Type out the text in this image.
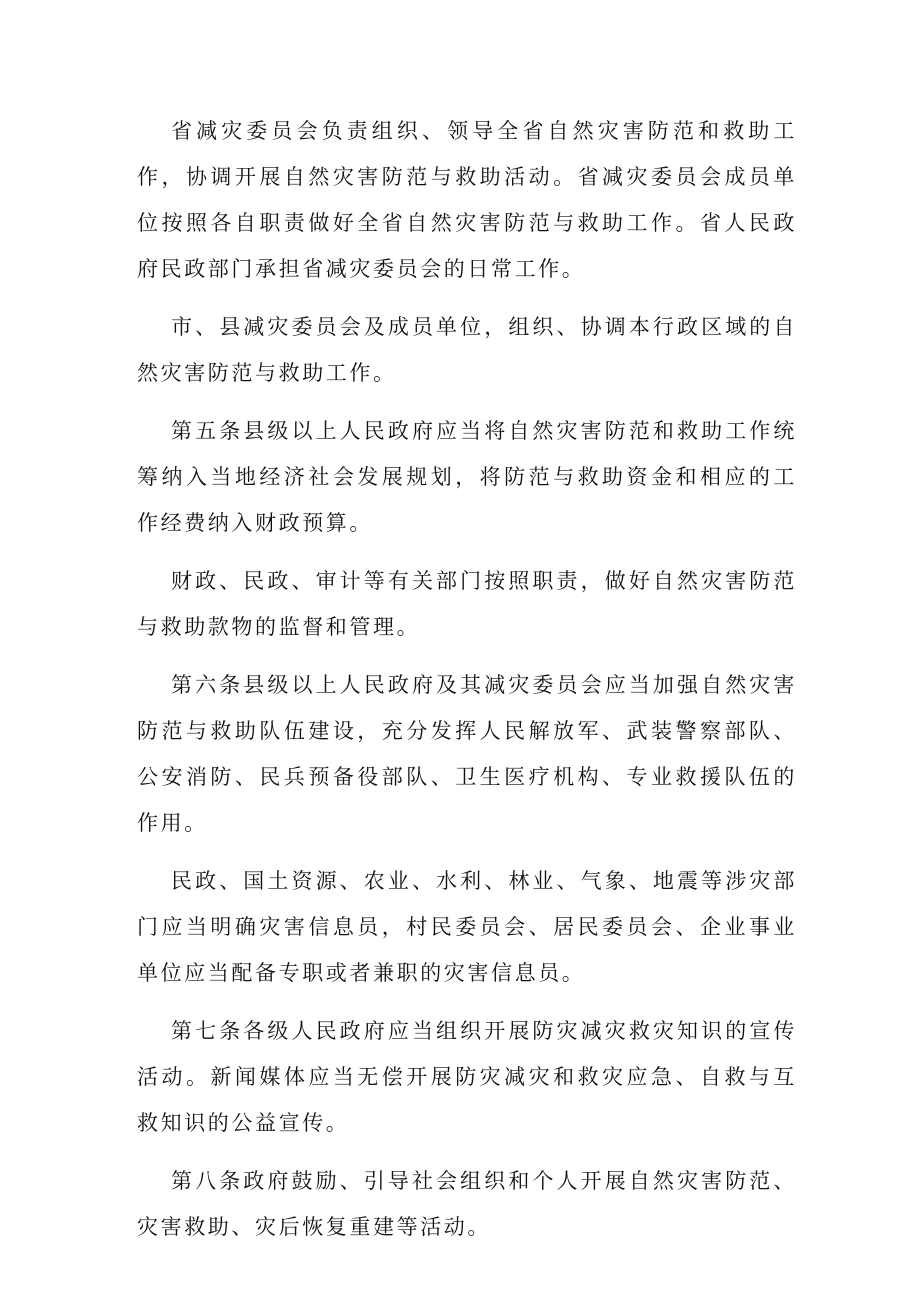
省减灾委员会负责组织、领导全省自然灾害防范和救助工作，协调开展自然灾害防范与救助活动。省减灾委员会成员单位按照各自职责做好全省自然灾害防范与救助工作。省人民政府民政部门承担省减灾委员会的日常工作。

市、县减灾委员会及成员单位，组织、协调本行政区域的自然灾害防范与救助工作。

第五条县级以上人民政府应当将自然灾害防范和救助工作统筹纳入当地经济社会发展规划，将防范与救助资金和相应的工作经费纳入财政预算。

财政、民政、审计等有关部门按照职责，做好自然灾害防范与救助款物的监督和管理。

第六条县级以上人民政府及其减灾委员会应当加强自然灾害防范与救助队伍建设，充分发挥人民解放军、武装警察部队、公安消防、民兵预备役部队、卫生医疗机构、专业救援队伍的作用。

民政、国土资源、农业、水利、林业、气象、地震等涉灾部门应当明确灾害信息员，村民委员会、居民委员会、企业事业单位应当配备专职或者兼职的灾害信息员。

第七条各级人民政府应当组织开展防灾减灾救灾知识的宣传活动。新闻媒体应当无偿开展防灾减灾和救灾应急、自救与互救知识的公益宣传。

第八条政府鼓励、引导社会组织和个人开展自然灾害防范、灾害救助、灾后恢复重建等活动。
